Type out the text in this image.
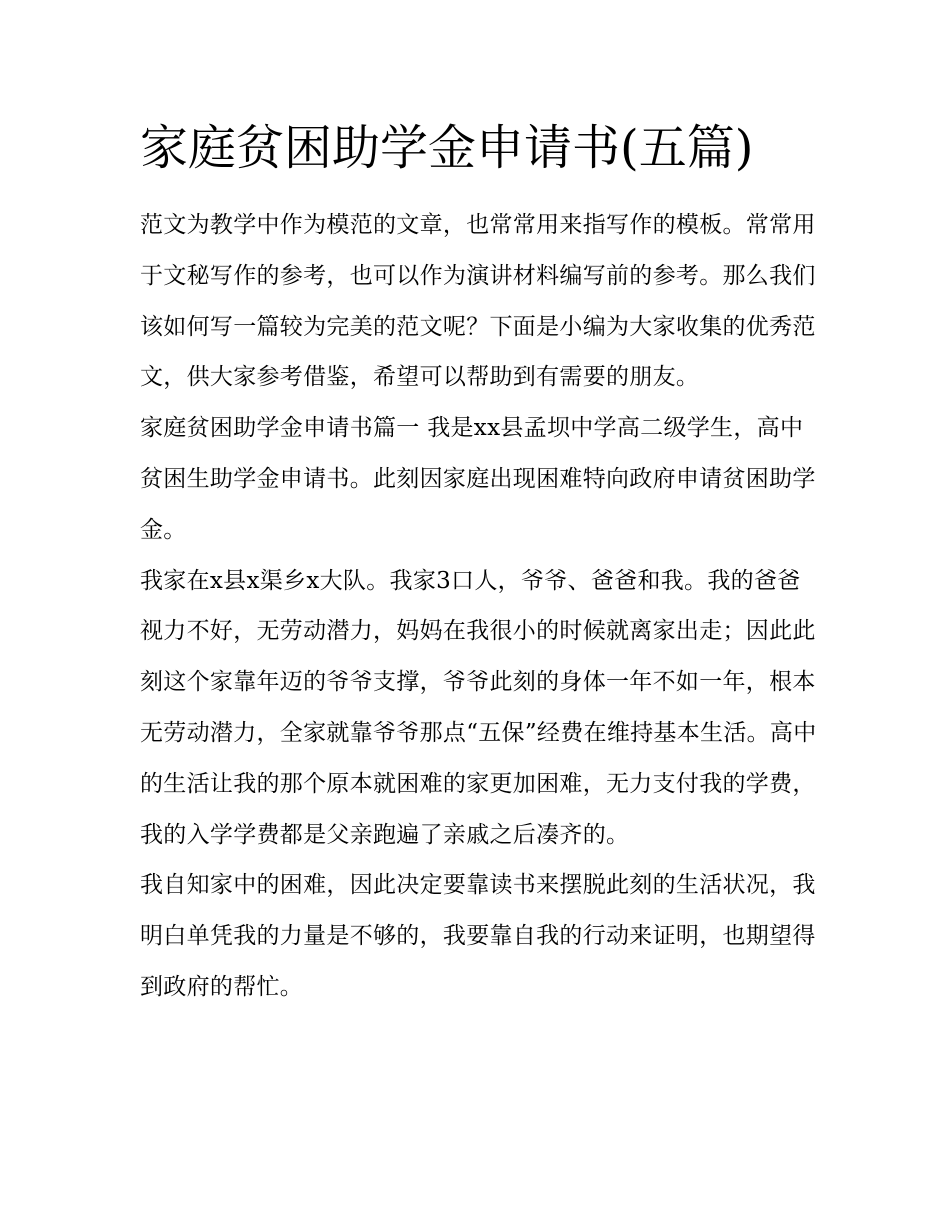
家庭贫困助学金申请书(五篇)

范文为教学中作为模范的文章，也常常用来指写作的模板。常常用于文秘写作的参考，也可以作为演讲材料编写前的参考。那么我们该如何写一篇较为完美的范文呢？下面是小编为大家收集的优秀范文，供大家参考借鉴，希望可以帮助到有需要的朋友。

家庭贫困助学金申请书篇一 我是xx县孟坝中学高二级学生，高中贫困生助学金申请书。此刻因家庭出现困难特向政府申请贫困助学金。

我家在x县x渠乡x大队。我家3口人，爷爷、爸爸和我。我的爸爸视力不好，无劳动潜力，妈妈在我很小的时候就离家出走；因此此刻这个家靠年迈的爷爷支撑，爷爷此刻的身体一年不如一年，根本无劳动潜力，全家就靠爷爷那点“五保”经费在维持基本生活。高中的生活让我的那个原本就困难的家更加困难，无力支付我的学费，我的入学学费都是父亲跑遍了亲戚之后凑齐的。

我自知家中的困难，因此决定要靠读书来摆脱此刻的生活状况，我明白单凭我的力量是不够的，我要靠自我的行动来证明，也期望得到政府的帮忙。
